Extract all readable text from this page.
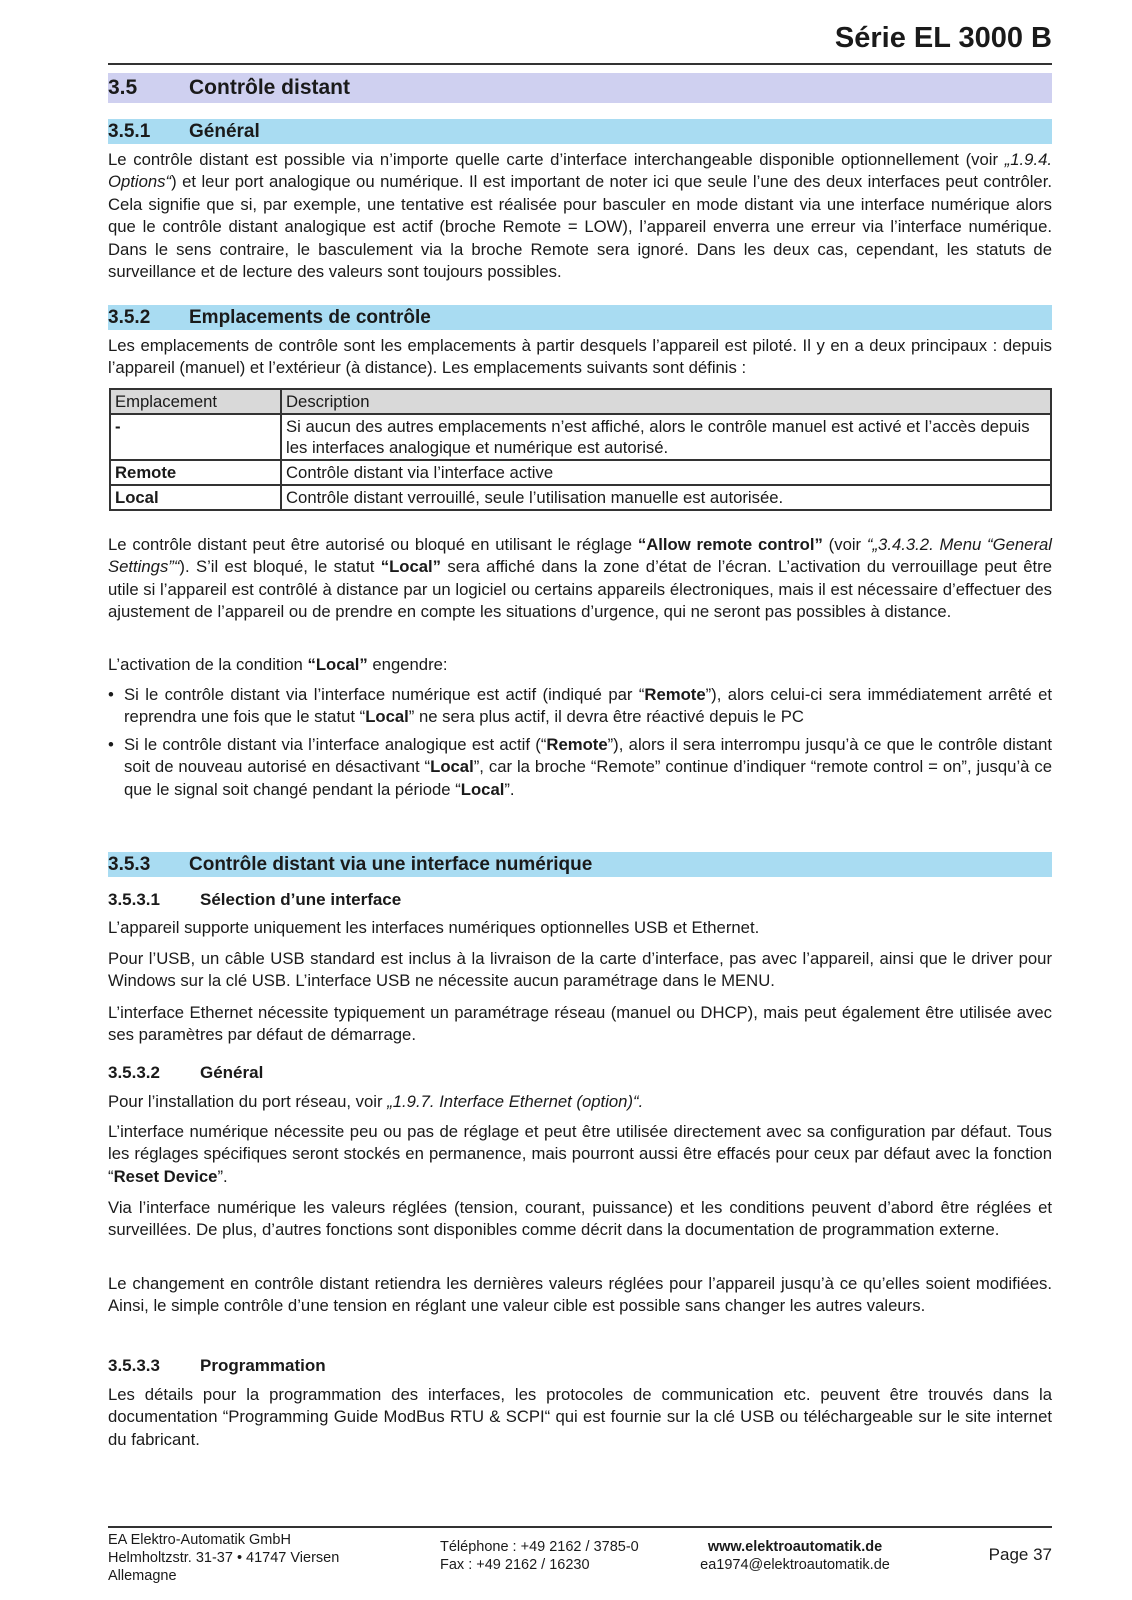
Série EL 3000 B
3.5 Contrôle distant
3.5.1 Général
Le contrôle distant est possible via n’importe quelle carte d’interface interchangeable disponible optionnellement (voir „1.9.4. Options“) et leur port analogique ou numérique. Il est important de noter ici que seule l’une des deux interfaces peut contrôler. Cela signifie que si, par exemple, une tentative est réalisée pour basculer en mode distant via une interface numérique alors que le contrôle distant analogique est actif (broche Remote = LOW), l’appareil enverra une erreur via l’interface numérique. Dans le sens contraire, le basculement via la broche Remote sera ignoré. Dans les deux cas, cependant, les statuts de surveillance et de lecture des valeurs sont toujours possibles.
3.5.2 Emplacements de contrôle
Les emplacements de contrôle sont les emplacements à partir desquels l’appareil est piloté. Il y en a deux principaux : depuis l’appareil (manuel) et l’extérieur (à distance). Les emplacements suivants sont définis :
Emplacement	Description
-	Si aucun des autres emplacements n’est affiché, alors le contrôle manuel est activé et l’accès depuis les interfaces analogique et numérique est autorisé.
Remote	Contrôle distant via l’interface active
Local	Contrôle distant verrouillé, seule l’utilisation manuelle est autorisée.
Le contrôle distant peut être autorisé ou bloqué en utilisant le réglage “Allow remote control” (voir “„3.4.3.2. Menu “General Settings”“). S’il est bloqué, le statut “Local” sera affiché dans la zone d’état de l’écran. L’activation du verrouillage peut être utile si l’appareil est contrôlé à distance par un logiciel ou certains appareils électroniques, mais il est nécessaire d’effectuer des ajustement de l’appareil ou de prendre en compte les situations d’urgence, qui ne seront pas possibles à distance.
L’activation de la condition “Local” engendre:
• Si le contrôle distant via l’interface numérique est actif (indiqué par “Remote”), alors celui-ci sera immédiatement arrêté et reprendra une fois que le statut “Local” ne sera plus actif, il devra être réactivé depuis le PC
• Si le contrôle distant via l’interface analogique est actif (“Remote”), alors il sera interrompu jusqu’à ce que le contrôle distant soit de nouveau autorisé en désactivant “Local”, car la broche “Remote” continue d’indiquer “remote control = on”, jusqu’à ce que le signal soit changé pendant la période “Local”.
3.5.3 Contrôle distant via une interface numérique
3.5.3.1 Sélection d’une interface
L’appareil supporte uniquement les interfaces numériques optionnelles USB et Ethernet.
Pour l’USB, un câble USB standard est inclus à la livraison de la carte d’interface, pas avec l’appareil, ainsi que le driver pour Windows sur la clé USB. L’interface USB ne nécessite aucun paramétrage dans le MENU.
L’interface Ethernet nécessite typiquement un paramétrage réseau (manuel ou DHCP), mais peut également être utilisée avec ses paramètres par défaut de démarrage.
3.5.3.2 Général
Pour l’installation du port réseau, voir „1.9.7. Interface Ethernet (option)“.
L’interface numérique nécessite peu ou pas de réglage et peut être utilisée directement avec sa configuration par défaut. Tous les réglages spécifiques seront stockés en permanence, mais pourront aussi être effacés pour ceux par défaut avec la fonction “Reset Device”.
Via l’interface numérique les valeurs réglées (tension, courant, puissance) et les conditions peuvent d’abord être réglées et surveillées. De plus, d’autres fonctions sont disponibles comme décrit dans la documentation de programmation externe.
Le changement en contrôle distant retiendra les dernières valeurs réglées pour l’appareil jusqu’à ce qu’elles soient modifiées. Ainsi, le simple contrôle d’une tension en réglant une valeur cible est possible sans changer les autres valeurs.
3.5.3.3 Programmation
Les détails pour la programmation des interfaces, les protocoles de communication etc. peuvent être trouvés dans la documentation “Programming Guide ModBus RTU & SCPI“ qui est fournie sur la clé USB ou téléchargeable sur le site internet du fabricant.
EA Elektro-Automatik GmbH
Helmholtzstr. 31-37 • 41747 Viersen
Allemagne
Téléphone : +49 2162 / 3785-0
Fax : +49 2162 / 16230
www.elektroautomatik.de
ea1974@elektroautomatik.de
Page 37
